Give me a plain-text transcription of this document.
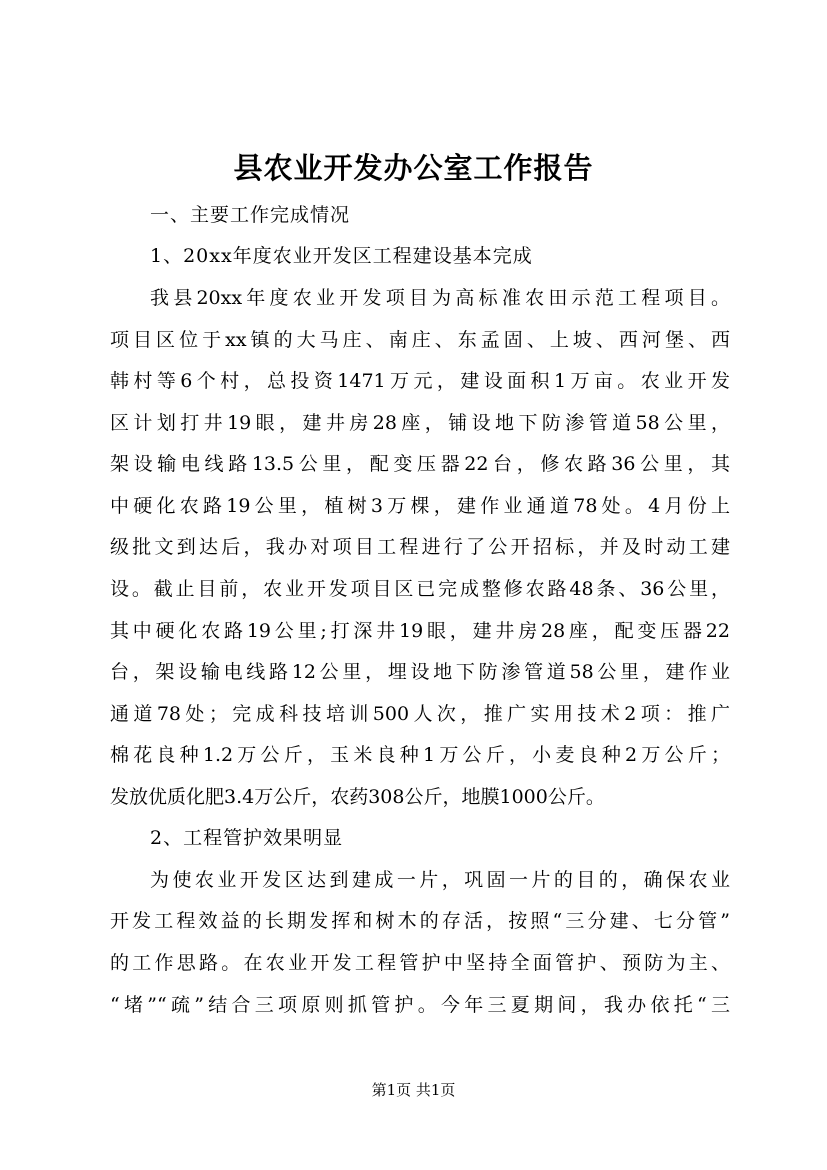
县农业开发办公室工作报告
一、主要工作完成情况
1、20xx年度农业开发区工程建设基本完成
我县20xx年度农业开发项目为高标准农田示范工程项目。
项目区位于xx镇的大马庄、南庄、东孟固、上坡、西河堡、西
韩村等6个村，总投资1471万元，建设面积1万亩。农业开发
区计划打井19眼，建井房28座，铺设地下防渗管道58公里，
架设输电线路13.5公里，配变压器22台，修农路36公里，其
中硬化农路19公里，植树3万棵，建作业通道78处。4月份上
级批文到达后，我办对项目工程进行了公开招标，并及时动工建
设。截止目前，农业开发项目区已完成整修农路48条、36公里，
其中硬化农路19公里;打深井19眼，建井房28座，配变压器22
台，架设输电线路12公里，埋设地下防渗管道58公里，建作业
通道78处；完成科技培训500人次，推广实用技术2项：推广
棉花良种1.2万公斤，玉米良种1万公斤，小麦良种2万公斤；
发放优质化肥3.4万公斤，农药308公斤，地膜1000公斤。
2、工程管护效果明显
为使农业开发区达到建成一片，巩固一片的目的，确保农业
开发工程效益的长期发挥和树木的存活，按照“三分建、七分管”
的工作思路。在农业开发工程管护中坚持全面管护、预防为主、
“堵”“疏”结合三项原则抓管护。今年三夏期间，我办依托“三
第1页 共1页
